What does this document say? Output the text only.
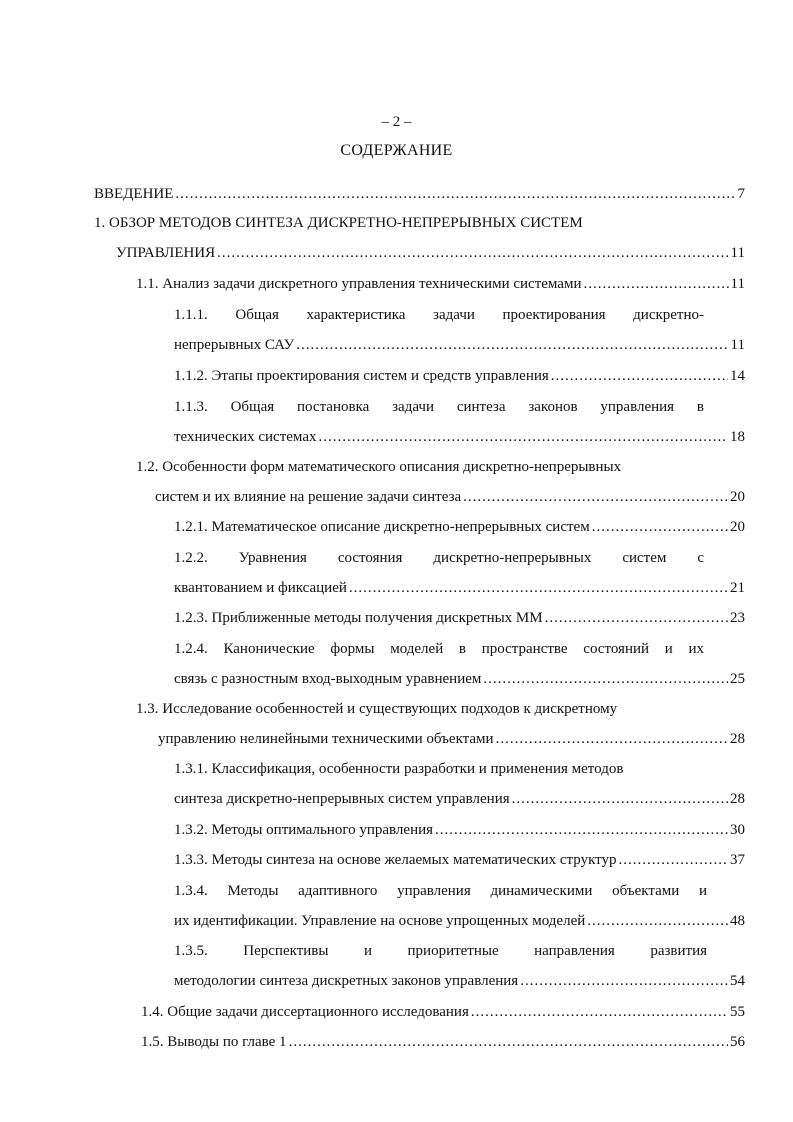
– 2 –
СОДЕРЖАНИЕ
ВВЕДЕНИЕ .....	7
1. ОБЗОР МЕТОДОВ СИНТЕЗА ДИСКРЕТНО-НЕПРЕРЫВНЫХ СИСТЕМ
УПРАВЛЕНИЯ .....	11
1.1. Анализ задачи дискретного управления техническими системами .....	11
1.1.1. Общая характеристика задачи проектирования дискретно-
непрерывных САУ .....	11
1.1.2. Этапы проектирования систем и средств управления .....	14
1.1.3. Общая постановка задачи синтеза законов управления в
технических системах .....	18
1.2. Особенности форм математического описания дискретно-непрерывных
систем и их влияние на решение задачи синтеза .....	20
1.2.1. Математическое описание дискретно-непрерывных систем .....	20
1.2.2. Уравнения состояния дискретно-непрерывных систем с
квантованием и фиксацией .....	21
1.2.3. Приближенные методы получения дискретных ММ .....	23
1.2.4. Канонические формы моделей в пространстве состояний и их
связь с разностным вход-выходным уравнением .....	25
1.3. Исследование особенностей и существующих подходов к дискретному
управлению нелинейными техническими объектами .....	28
1.3.1. Классификация, особенности разработки и применения методов
синтеза дискретно-непрерывных систем управления .....	28
1.3.2. Методы оптимального управления .....	30
1.3.3. Методы синтеза на основе желаемых математических структур .....	37
1.3.4. Методы адаптивного управления динамическими объектами и
их идентификации. Управление на основе упрощенных моделей .....	48
1.3.5. Перспективы и приоритетные направления развития
методологии синтеза дискретных законов управления .....	54
1.4. Общие задачи диссертационного исследования .....	55
1.5. Выводы по главе 1 .....	56
